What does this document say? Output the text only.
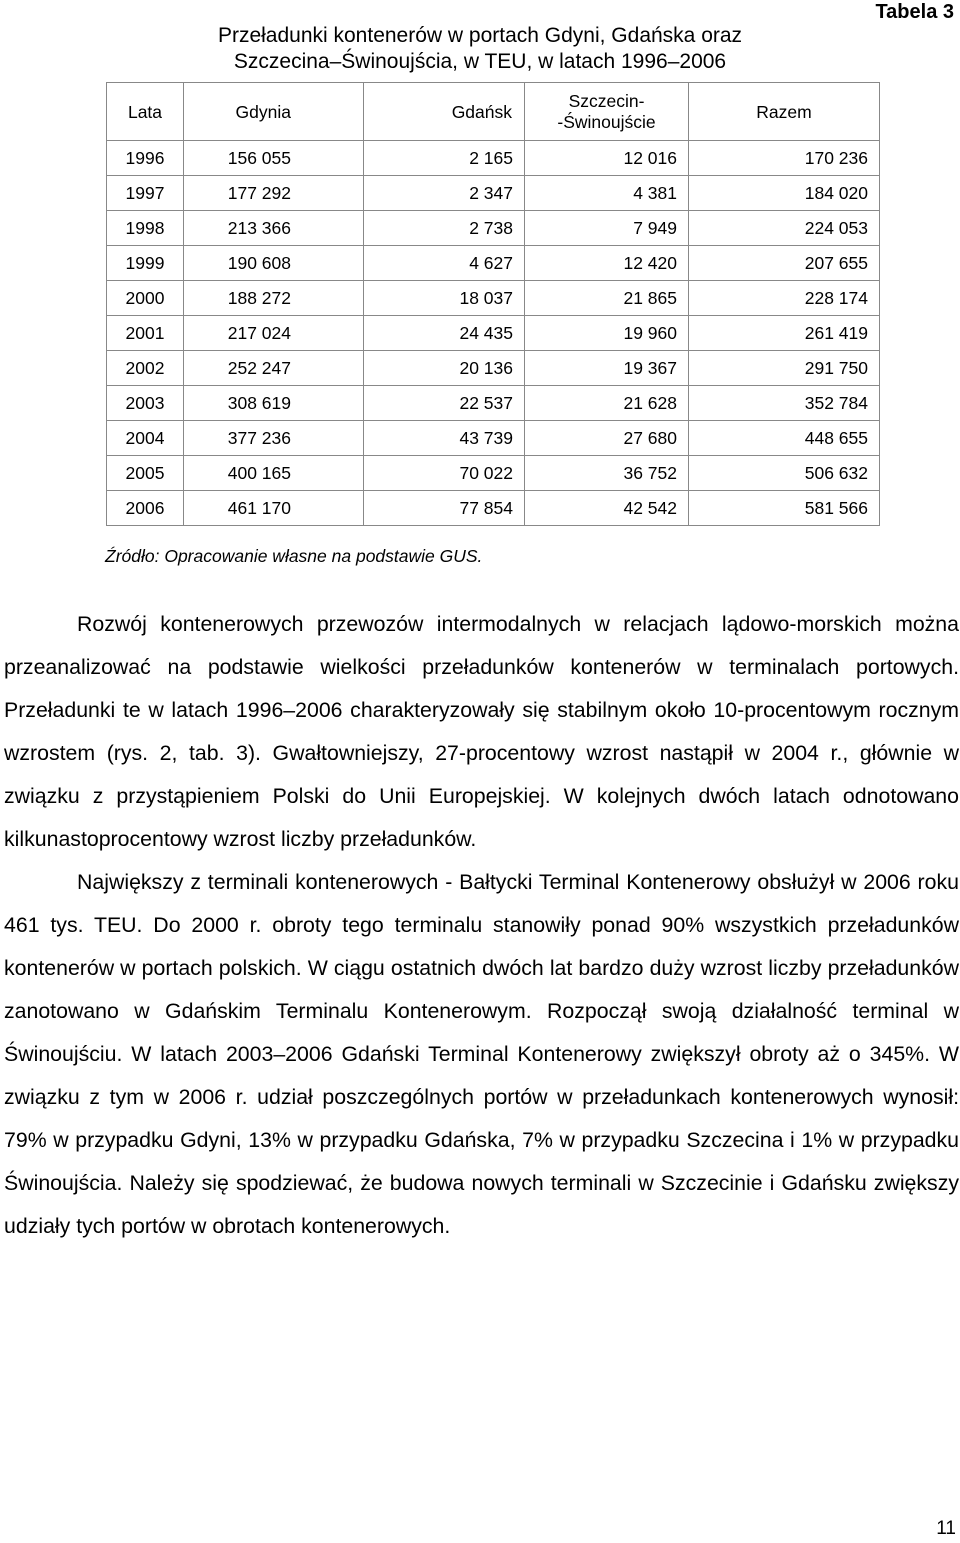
Tabela 3
Przeładunki kontenerów w portach Gdyni, Gdańska oraz
Szczecina–Świnoujścia, w TEU, w latach 1996–2006
Lata	Gdynia	Gdańsk	Szczecin-
-Świnoujście	Razem
1996	156 055	2 165	12 016	170 236
1997	177 292	2 347	4 381	184 020
1998	213 366	2 738	7 949	224 053
1999	190 608	4 627	12 420	207 655
2000	188 272	18 037	21 865	228 174
2001	217 024	24 435	19 960	261 419
2002	252 247	20 136	19 367	291 750
2003	308 619	22 537	21 628	352 784
2004	377 236	43 739	27 680	448 655
2005	400 165	70 022	36 752	506 632
2006	461 170	77 854	42 542	581 566
Źródło: Opracowanie własne na podstawie GUS.

Rozwój kontenerowych przewozów intermodalnych w relacjach lądowo-morskich można przeanalizować na podstawie wielkości przeładunków kontenerów w terminalach portowych. Przeładunki te w latach 1996–2006 charakteryzowały się stabilnym około 10-procentowym rocznym wzrostem (rys. 2, tab. 3). Gwałtowniejszy, 27-procentowy wzrost nastąpił w 2004 r., głównie w związku z przystąpieniem Polski do Unii Europejskiej. W kolejnych dwóch latach odnotowano kilkunastoprocentowy wzrost liczby przeładunków.

Największy z terminali kontenerowych - Bałtycki Terminal Kontenerowy obsłużył w 2006 roku 461 tys. TEU. Do 2000 r. obroty tego terminalu stanowiły ponad 90% wszystkich przeładunków kontenerów w portach polskich. W ciągu ostatnich dwóch lat bardzo duży wzrost liczby przeładunków zanotowano w Gdańskim Terminalu Kontenerowym. Rozpoczął swoją działalność terminal w Świnoujściu. W latach 2003–2006 Gdański Terminal Kontenerowy zwiększył obroty aż o 345%. W związku z tym w 2006 r. udział poszczególnych portów w przeładunkach kontenerowych wynosił: 79% w przypadku Gdyni, 13% w przypadku Gdańska, 7% w przypadku Szczecina i 1% w przypadku Świnoujścia. Należy się spodziewać, że budowa nowych terminali w Szczecinie i Gdańsku zwiększy udziały tych portów w obrotach kontenerowych.

11
